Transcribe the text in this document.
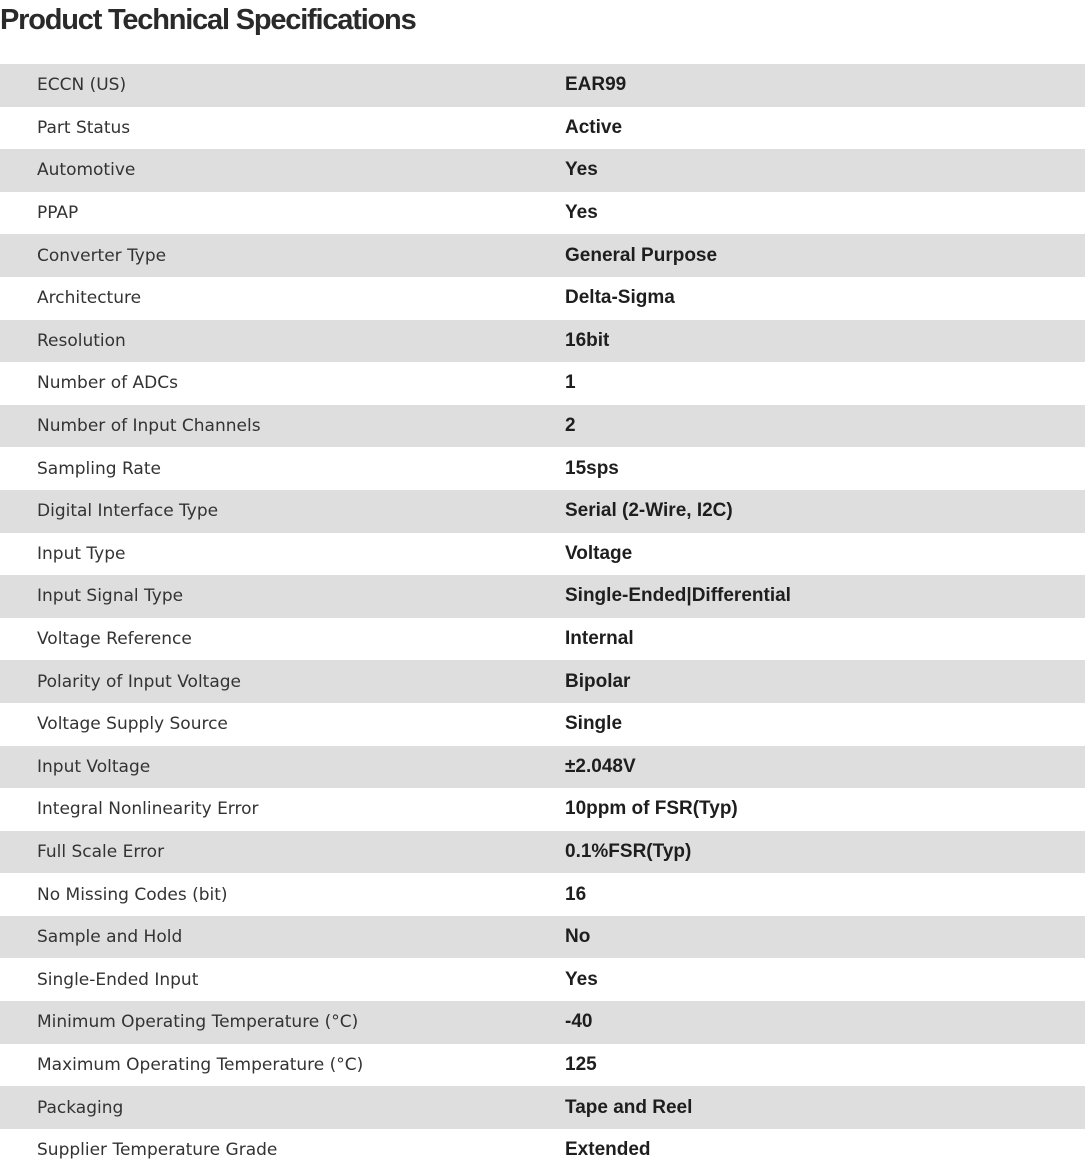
Product Technical Specifications
ECCN (US)	EAR99
Part Status	Active
Automotive	Yes
PPAP	Yes
Converter Type	General Purpose
Architecture	Delta-Sigma
Resolution	16bit
Number of ADCs	1
Number of Input Channels	2
Sampling Rate	15sps
Digital Interface Type	Serial (2-Wire, I2C)
Input Type	Voltage
Input Signal Type	Single-Ended|Differential
Voltage Reference	Internal
Polarity of Input Voltage	Bipolar
Voltage Supply Source	Single
Input Voltage	±2.048V
Integral Nonlinearity Error	10ppm of FSR(Typ)
Full Scale Error	0.1%FSR(Typ)
No Missing Codes (bit)	16
Sample and Hold	No
Single-Ended Input	Yes
Minimum Operating Temperature (°C)	-40
Maximum Operating Temperature (°C)	125
Packaging	Tape and Reel
Supplier Temperature Grade	Extended
